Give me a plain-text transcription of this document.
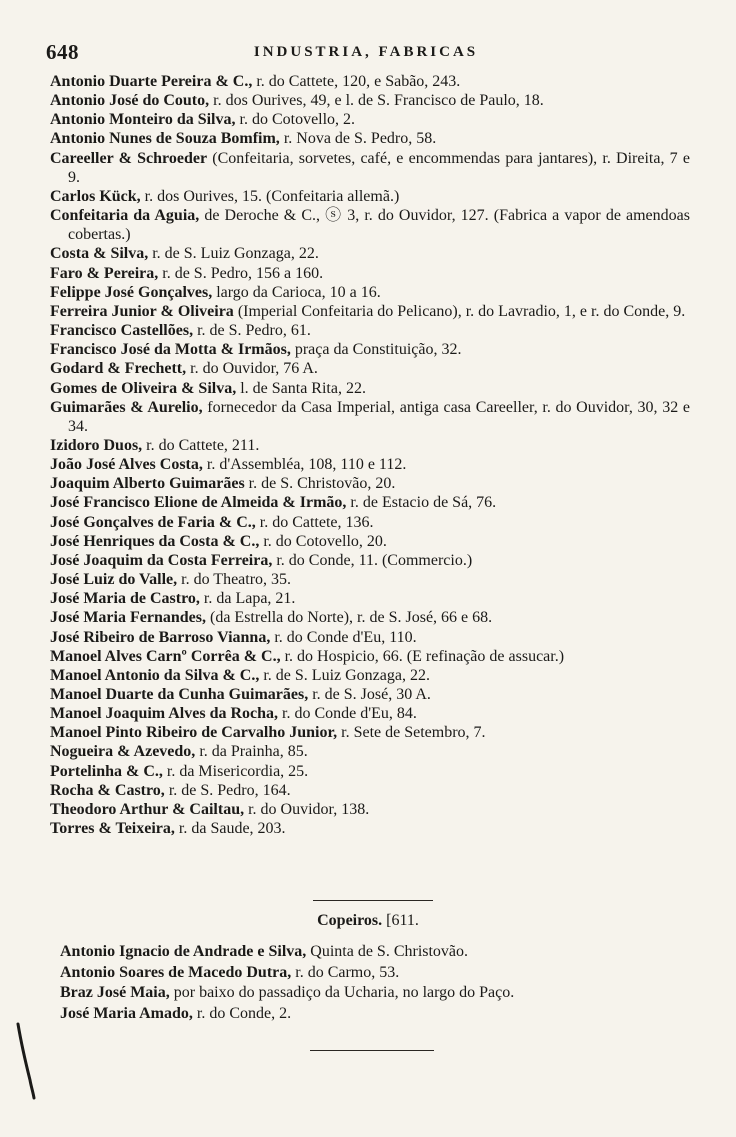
648	INDUSTRIA, FABRICAS
Antonio Duarte Pereira & C., r. do Cattete, 120, e Sabão, 243.
Antonio José do Couto, r. dos Ourives, 49, e l. de S. Francisco de Paulo, 18.
Antonio Monteiro da Silva, r. do Cotovello, 2.
Antonio Nunes de Souza Bomfim, r. Nova de S. Pedro, 58.
Careeller & Schroeder (Confeitaria, sorvetes, café, e encommendas para jantares), r. Direita, 7 e 9.
Carlos Kück, r. dos Ourives, 15. (Confeitaria allemã.)
Confeitaria da Aguia, de Deroche & C., ⓢ 3, r. do Ouvidor, 127. (Fabrica a vapor de amendoas cobertas.)
Costa & Silva, r. de S. Luiz Gonzaga, 22.
Faro & Pereira, r. de S. Pedro, 156 a 160.
Felippe José Gonçalves, largo da Carioca, 10 a 16.
Ferreira Junior & Oliveira (Imperial Confeitaria do Pelicano), r. do Lavradio, 1, e r. do Conde, 9.
Francisco Castellões, r. de S. Pedro, 61.
Francisco José da Motta & Irmãos, praça da Constituição, 32.
Godard & Frechett, r. do Ouvidor, 76 A.
Gomes de Oliveira & Silva, l. de Santa Rita, 22.
Guimarães & Aurelio, fornecedor da Casa Imperial, antiga casa Careeller, r. do Ouvidor, 30, 32 e 34.
Izidoro Duos, r. do Cattete, 211.
João José Alves Costa, r. d'Assembléa, 108, 110 e 112.
Joaquim Alberto Guimarães r. de S. Christovão, 20.
José Francisco Elione de Almeida & Irmão, r. de Estacio de Sá, 76.
José Gonçalves de Faria & C., r. do Cattete, 136.
José Henriques da Costa & C., r. do Cotovello, 20.
José Joaquim da Costa Ferreira, r. do Conde, 11. (Commercio.)
José Luiz do Valle, r. do Theatro, 35.
José Maria de Castro, r. da Lapa, 21.
José Maria Fernandes, (da Estrella do Norte), r. de S. José, 66 e 68.
José Ribeiro de Barroso Vianna, r. do Conde d'Eu, 110.
Manoel Alves Carnº Corrêa & C., r. do Hospicio, 66. (E refinação de assucar.)
Manoel Antonio da Silva & C., r. de S. Luiz Gonzaga, 22.
Manoel Duarte da Cunha Guimarães, r. de S. José, 30 A.
Manoel Joaquim Alves da Rocha, r. do Conde d'Eu, 84.
Manoel Pinto Ribeiro de Carvalho Junior, r. Sete de Setembro, 7.
Nogueira & Azevedo, r. da Prainha, 85.
Portelinha & C., r. da Misericordia, 25.
Rocha & Castro, r. de S. Pedro, 164.
Theodoro Arthur & Cailtau, r. do Ouvidor, 138.
Torres & Teixeira, r. da Saude, 203.
Copeiros. [611.
Antonio Ignacio de Andrade e Silva, Quinta de S. Christovão.
Antonio Soares de Macedo Dutra, r. do Carmo, 53.
Braz José Maia, por baixo do passadiço da Ucharia, no largo do Paço.
José Maria Amado, r. do Conde, 2.
